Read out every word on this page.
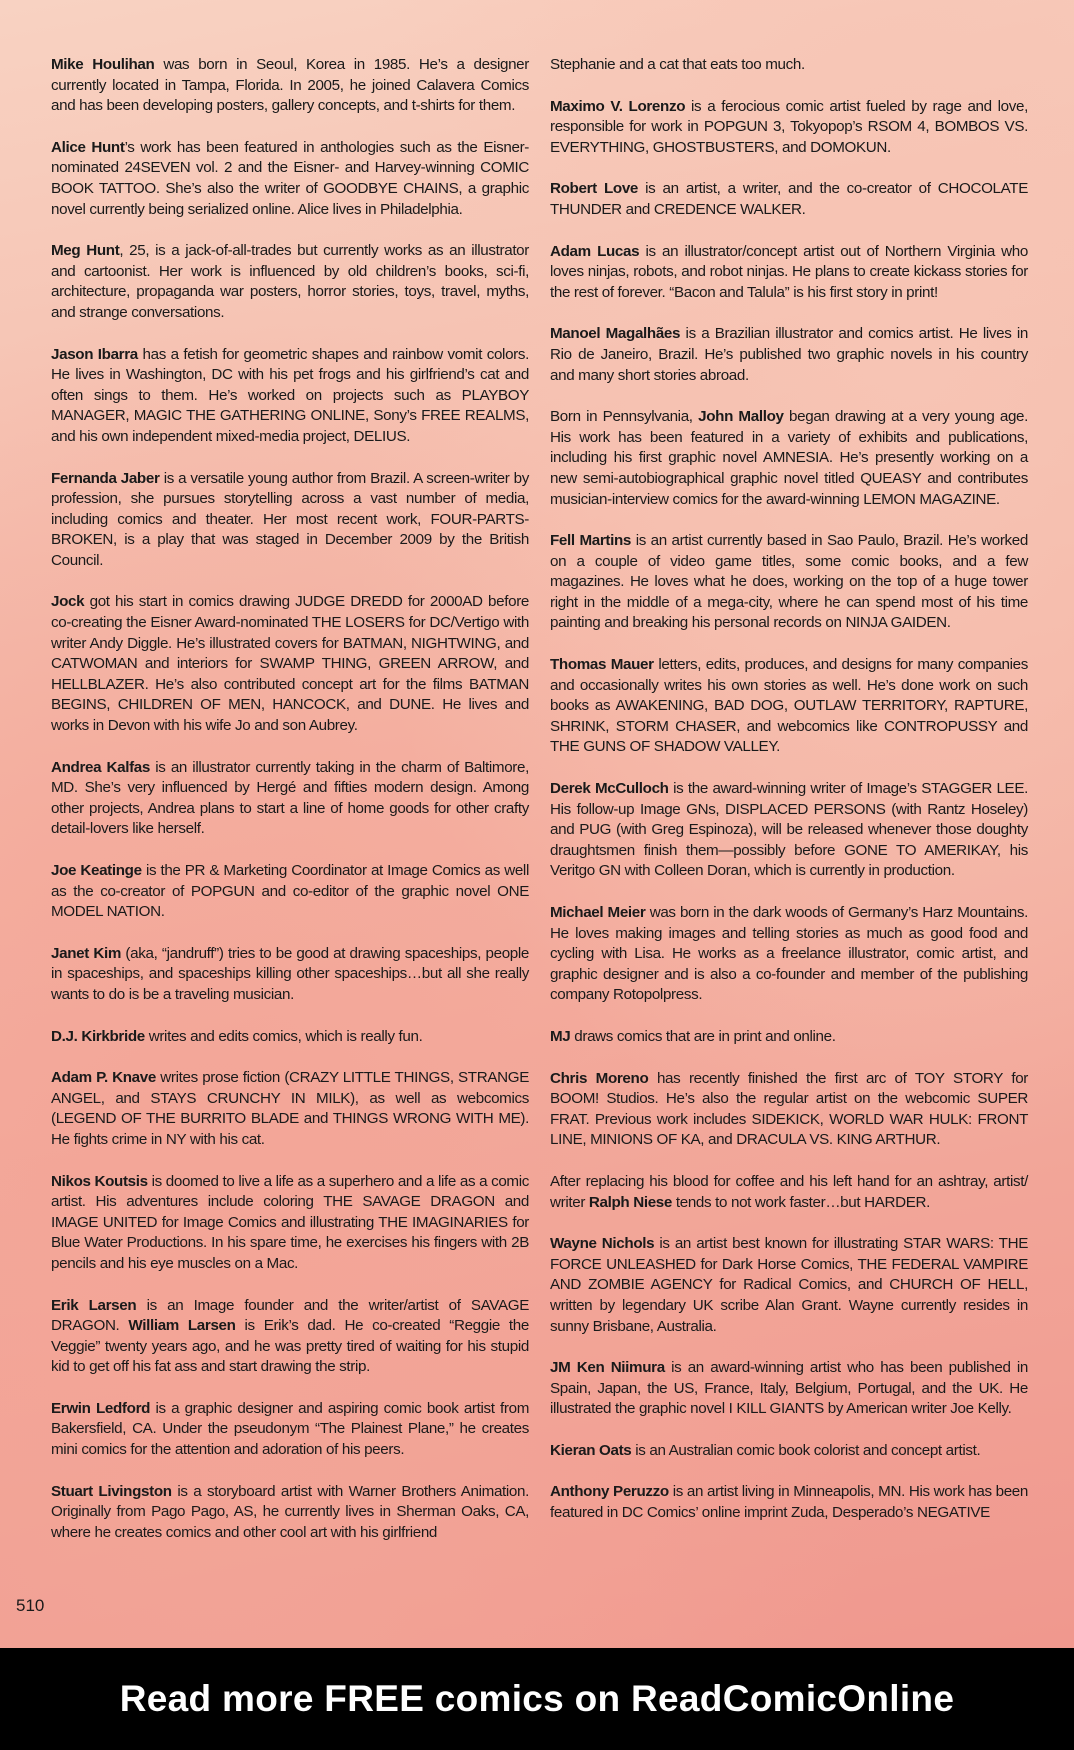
Mike Houlihan was born in Seoul, Korea in 1985. He’s a designer currently located in Tampa, Florida. In 2005, he joined Calavera Comics and has been developing posters, gallery concepts, and t-shirts for them.

Alice Hunt’s work has been featured in anthologies such as the Eisner-nominated 24SEVEN vol. 2 and the Eisner- and Harvey-winning COMIC BOOK TATTOO. She’s also the writer of GOODBYE CHAINS, a graphic novel currently being serialized online. Alice lives in Philadelphia.

Meg Hunt, 25, is a jack-of-all-trades but currently works as an illustrator and cartoonist. Her work is influenced by old children’s books, sci-fi, architecture, propaganda war posters, horror stories, toys, travel, myths, and strange conversations.

Jason Ibarra has a fetish for geometric shapes and rainbow vomit colors. He lives in Washington, DC with his pet frogs and his girlfriend’s cat and often sings to them. He’s worked on projects such as PLAYBOY MANAGER, MAGIC THE GATHERING ONLINE, Sony’s FREE REALMS, and his own independent mixed-media project, DELIUS.

Fernanda Jaber is a versatile young author from Brazil. A screen-writer by profession, she pursues storytelling across a vast number of media, including comics and theater. Her most recent work, FOUR-PARTS-BROKEN, is a play that was staged in December 2009 by the British Council.

Jock got his start in comics drawing JUDGE DREDD for 2000AD before co-creating the Eisner Award-nominated THE LOSERS for DC/Vertigo with writer Andy Diggle. He’s illustrated covers for BATMAN, NIGHTWING, and CATWOMAN and interiors for SWAMP THING, GREEN ARROW, and HELLBLAZER. He’s also contributed concept art for the films BATMAN BEGINS, CHILDREN OF MEN, HANCOCK, and DUNE. He lives and works in Devon with his wife Jo and son Aubrey.

Andrea Kalfas is an illustrator currently taking in the charm of Baltimore, MD. She’s very influenced by Hergé and fifties modern design. Among other projects, Andrea plans to start a line of home goods for other crafty detail-lovers like herself.

Joe Keatinge is the PR & Marketing Coordinator at Image Comics as well as the co-creator of POPGUN and co-editor of the graphic novel ONE MODEL NATION.

Janet Kim (aka, “jandruff”) tries to be good at drawing spaceships, people in spaceships, and spaceships killing other spaceships…but all she really wants to do is be a traveling musician.

D.J. Kirkbride writes and edits comics, which is really fun.

Adam P. Knave writes prose fiction (CRAZY LITTLE THINGS, STRANGE ANGEL, and STAYS CRUNCHY IN MILK), as well as webcomics (LEGEND OF THE BURRITO BLADE and THINGS WRONG WITH ME). He fights crime in NY with his cat.

Nikos Koutsis is doomed to live a life as a superhero and a life as a comic artist. His adventures include coloring THE SAVAGE DRAGON and IMAGE UNITED for Image Comics and illustrating THE IMAGINARIES for Blue Water Productions. In his spare time, he exercises his fingers with 2B pencils and his eye muscles on a Mac.

Erik Larsen is an Image founder and the writer/artist of SAVAGE DRAGON. William Larsen is Erik’s dad. He co-created “Reggie the Veggie” twenty years ago, and he was pretty tired of waiting for his stupid kid to get off his fat ass and start drawing the strip.

Erwin Ledford is a graphic designer and aspiring comic book artist from Bakersfield, CA. Under the pseudonym “The Plainest Plane,” he creates mini comics for the attention and adoration of his peers.

Stuart Livingston is a storyboard artist with Warner Brothers Animation. Originally from Pago Pago, AS, he currently lives in Sherman Oaks, CA, where he creates comics and other cool art with his girlfriend

Stephanie and a cat that eats too much.

Maximo V. Lorenzo is a ferocious comic artist fueled by rage and love, responsible for work in POPGUN 3, Tokyopop’s RSOM 4, BOMBOS VS. EVERYTHING, GHOSTBUSTERS, and DOMOKUN.

Robert Love is an artist, a writer, and the co-creator of CHOCOLATE THUNDER and CREDENCE WALKER.

Adam Lucas is an illustrator/concept artist out of Northern Virginia who loves ninjas, robots, and robot ninjas. He plans to create kickass stories for the rest of forever. “Bacon and Talula” is his first story in print!

Manoel Magalhães is a Brazilian illustrator and comics artist. He lives in Rio de Janeiro, Brazil. He’s published two graphic novels in his country and many short stories abroad.

Born in Pennsylvania, John Malloy began drawing at a very young age. His work has been featured in a variety of exhibits and publications, including his first graphic novel AMNESIA. He’s presently working on a new semi-autobiographical graphic novel titled QUEASY and contributes musician-interview comics for the award-winning LEMON MAGAZINE.

Fell Martins is an artist currently based in Sao Paulo, Brazil. He’s worked on a couple of video game titles, some comic books, and a few magazines. He loves what he does, working on the top of a huge tower right in the middle of a mega-city, where he can spend most of his time painting and breaking his personal records on NINJA GAIDEN.

Thomas Mauer letters, edits, produces, and designs for many companies and occasionally writes his own stories as well. He’s done work on such books as AWAKENING, BAD DOG, OUTLAW TERRITORY, RAPTURE, SHRINK, STORM CHASER, and webcomics like CONTROPUSSY and THE GUNS OF SHADOW VALLEY.

Derek McCulloch is the award-winning writer of Image’s STAGGER LEE. His follow-up Image GNs, DISPLACED PERSONS (with Rantz Hoseley) and PUG (with Greg Espinoza), will be released whenever those doughty draughtsmen finish them—possibly before GONE TO AMERIKAY, his Veritgo GN with Colleen Doran, which is currently in production.

Michael Meier was born in the dark woods of Germany’s Harz Mountains. He loves making images and telling stories as much as good food and cycling with Lisa. He works as a freelance illustrator, comic artist, and graphic designer and is also a co-founder and member of the publishing company Rotopolpress.

MJ draws comics that are in print and online.

Chris Moreno has recently finished the first arc of TOY STORY for BOOM! Studios. He’s also the regular artist on the webcomic SUPER FRAT. Previous work includes SIDEKICK, WORLD WAR HULK: FRONT LINE, MINIONS OF KA, and DRACULA VS. KING ARTHUR.

After replacing his blood for coffee and his left hand for an ashtray, artist/ writer Ralph Niese tends to not work faster…but HARDER.

Wayne Nichols is an artist best known for illustrating STAR WARS: THE FORCE UNLEASHED for Dark Horse Comics, THE FEDERAL VAMPIRE AND ZOMBIE AGENCY for Radical Comics, and CHURCH OF HELL, written by legendary UK scribe Alan Grant. Wayne currently resides in sunny Brisbane, Australia.

JM Ken Niimura is an award-winning artist who has been published in Spain, Japan, the US, France, Italy, Belgium, Portugal, and the UK. He illustrated the graphic novel I KILL GIANTS by American writer Joe Kelly.

Kieran Oats is an Australian comic book colorist and concept artist.

Anthony Peruzzo is an artist living in Minneapolis, MN. His work has been featured in DC Comics’ online imprint Zuda, Desperado’s NEGATIVE

510
Read more FREE comics on ReadComicOnline
